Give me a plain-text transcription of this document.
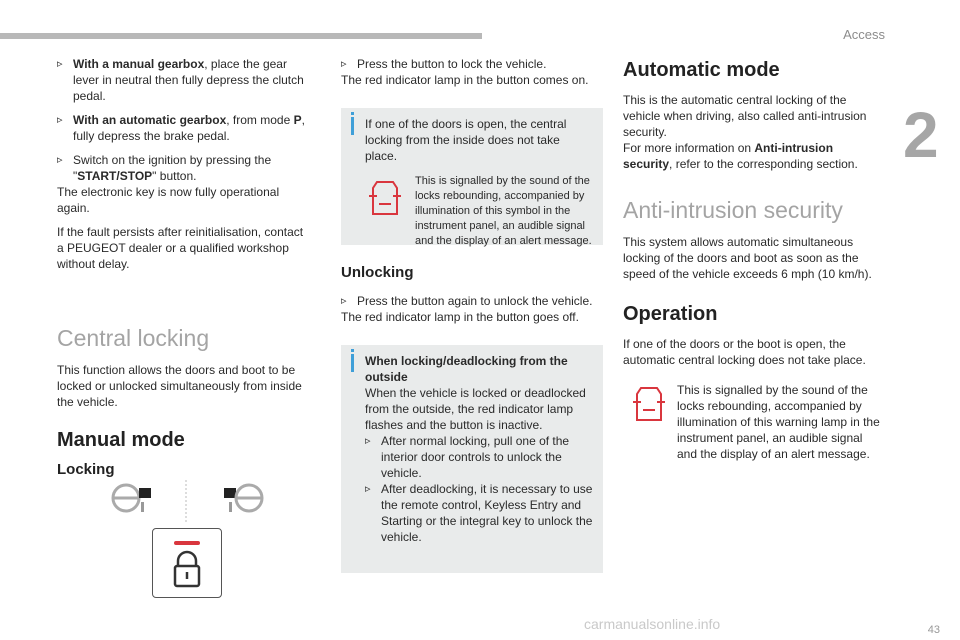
Access
2
▹ With a manual gearbox, place the gear lever in neutral then fully depress the clutch pedal.
▹ With an automatic gearbox, from mode P, fully depress the brake pedal.
▹ Switch on the ignition by pressing the "START/STOP" button.

The electronic key is now fully operational again.

If the fault persists after reinitialisation, contact a PEUGEOT dealer or a qualified workshop without delay.

Central locking

This function allows the doors and boot to be locked or unlocked simultaneously from inside the vehicle.

Manual mode
Locking
▹ Press the button to lock the vehicle.

The red indicator lamp in the button comes on.

If one of the doors is open, the central locking from the inside does not take place.

This is signalled by the sound of the locks rebounding, accompanied by illumination of this symbol in the instrument panel, an audible signal and the display of an alert message.
Unlocking
▹ Press the button again to unlock the vehicle.

The red indicator lamp in the button goes off.

When locking/deadlocking from the outside

When the vehicle is locked or deadlocked from the outside, the red indicator lamp flashes and the button is inactive.

▹ After normal locking, pull one of the interior door controls to unlock the vehicle.
▹ After deadlocking, it is necessary to use the remote control, Keyless Entry and Starting or the integral key to unlock the vehicle.
Automatic mode

This is the automatic central locking of the vehicle when driving, also called anti-intrusion security.

For more information on Anti-intrusion security, refer to the corresponding section.

Anti-intrusion security

This system allows automatic simultaneous locking of the doors and boot as soon as the speed of the vehicle exceeds 6 mph (10 km/h).

Operation

If one of the doors or the boot is open, the automatic central locking does not take place.

This is signalled by the sound of the locks rebounding, accompanied by illumination of this warning lamp in the instrument panel, an audible signal and the display of an alert message.
carmanualsonline.info	43
